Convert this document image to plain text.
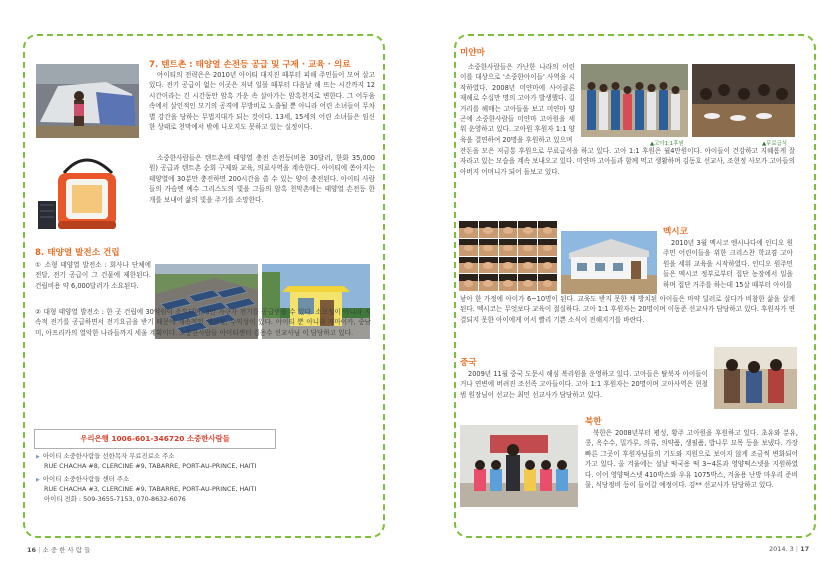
7. 텐트촌 : 태양열 손전등 공급 및 구제 · 교육 · 의료

아이티의 전략은은 2010년 아이티 대지진 때부터 피해 주민들이 모여 살고 있다. 전기 공급이 없는 이곳은 저녁 일몰 때부터 다음날 해 뜨는 시간까지 12시간이라는 긴 시간동안 암흑 가운 속 살아가는 암흑천지로 변한다. 그 어두움 속에서 살인적인 모기의 공격에 무방비로 노출될 뿐 아니라 어린 소녀들이 무차별 강간을 당하는 무법지대가 되는 것이다. 13세, 15세의 어린 소녀들은 임신한 상태로 천막에서 밖에 나오지도 못하고 있는 실정이다.

소중한사람들은 텐트촌에 태양열 충전 손전등(비용 30달러, 한화 35,000원) 공급과 텐트촌 순회 구제와 교육, 의료사역을 계속한다. 아이티에 쏟아지는 태양열에 30분만 충전하면 200시간을 쓸 수 있는 양이 충전된다. 아이티 사람들의 가슴엔 예수 그리스도의 빛을 그들의 암흑 천막촌에는 태양열 손전등 한 개를 보내어 삶의 빛을 주기를 소망한다.

8. 태양열 발전소 건립

① 소형 태양열 발전소 : 회사나 단체에 전달, 전기 공급이 그 건물에 제한된다. 건립비용 약 6,000달러가 소요된다.

② 대형 태양열 발전소 : 한 곳 건립에 30억원이 소요되며, 3만 가구가 전기를 공급받을 수 있다. 소모성이 아니라 지속적 전기를 공급하면서 전기요금을 받기 때문에 계속적인 생산성, 수익성이 있다. 아이티 뿐 아니라 자마이카, 중남미, 아프리카의 열악한 나라들까지 세울 계획이다. 소중한사람들 아이티센터 김용수 선교사님 이 담당하고 있다.

우리은행 1006-601-346720 소중한사람들

▶ 아이티 소중한사람들 선한목자 무료진료소 주소

RUE CHACHA #8, CLERCINE #9, TABARRE, PORT-AU-PRINCE, HAITI

▶ 아이티 소중한사람들 센터 주소

RUE CHACHA #3, CLERCINE #9, TABARRE, PORT-AU-PRINCE, HAITI

아이티 전화 : 509-3655-7153, 070-8632-6076

16 | 소 중 한 사 람 들
미얀마

소중한사람들은 가난한 나라의 어린이를 대상으로 '소중한아이들' 사역을 시작하였다. 2008년 미얀마에 사이클론 재해로 수십만 명의 고아가 발생했다. 길거리를 헤매는 고아들을 보고 미얀마 양곤에 소중한사람들 미얀마 고아원을 세워 운영하고 있다. 고아원 후원자 1:1 양육을 결연하여 20명을 후원하고 있으며

▲고아1:1후원	▲무료급식
멕시코

2010년 3월 멕시코 엔시나다에 인디오 원주민 어린이들을 위한 크리스찬 학교겸 고아원을 세워 교육을 시작하였다. 인디오 원주민들은 멕시코 정부로부터 집단 농장에서 일을 하며 집단 거주를 하는데 15살 때부터 아이를

중국
북한
2014. 3 | 17

2009년 11월 중국 도문시 해심 복리원을 운영하고 있다. 고아들은 탈북자 아이들이거나 연변에 버려진 조선족 고아들이다. 고아 1:1 후원자는 20명이며 고아사역은 현철범 원장님이 선교는 최민 선교사가 담당하고 있다.

북한은 2008년부터 평성, 황주 고아원을 후원하고 있다. 초유와 분유, 콩, 옥수수, 밀가루, 의류, 의약품, 생필품, 밥나무 묘목 등을 보냈다. 가장 빠른 그곳이 후원자님들의 기도와 지원으로 보이지 않게 조금씩 변화되어 가고 있다. 올 겨울에는 설날 떡국용 떡 3~4톤과 영양떡스넷을 지원하였다. 이어 영양떡스넷 410박스와 우유 1075박스, 겨울용 난방 마우리 준비물, 식당정비 등이 들어갈 예정이다. 김** 선교사가 담당하고 있다.

잔돈을 모은 저금통 후원으로 무료급식을 하고 있다. 고아 1:1 후원은 월4만원이다. 아이들이 건강하고 지혜롭게 잘 자라고 있는 모습을 계속 보내오고 있다. 미얀마 고아들과 함께 먹고 생활하며 김동호 선교사, 조현정 사모가 고아들의 아버지 어머니가 되어 돌보고 있다.

낳아 한 가정에 아이가 6~10명이 된다. 교육도 받지 못한 채 방치된 아이들은 마약 딜러로 살다가 비참한 삶을 살게 된다. 멕시코는 무엇보다 교육이 절실하다. 고아 1:1 후원자는 20명이며 이동준 선교사가 담당하고 있다. 후원자가 연결되지 못한 아이에게 어서 빨리 기쁜 소식이 전해지기를 바란다.
